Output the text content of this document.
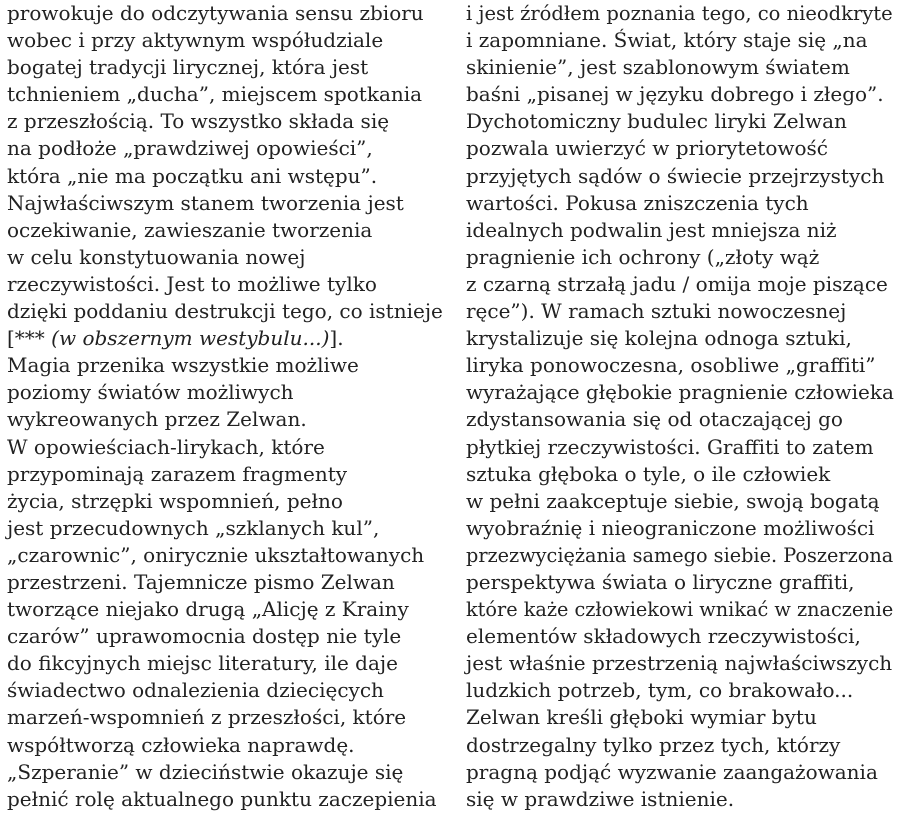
prowokuje do odczytywania sensu zbioru
wobec i przy aktywnym współudziale
bogatej tradycji lirycznej, która jest
tchnieniem „ducha”, miejscem spotkania
z przeszłością. To wszystko składa się
na podłoże „prawdziwej opowieści”,
która „nie ma początku ani wstępu”.
Najwłaściwszym stanem tworzenia jest
oczekiwanie, zawieszanie tworzenia
w celu konstytuowania nowej
rzeczywistości. Jest to możliwe tylko
dzięki poddaniu destrukcji tego, co istnieje
[*** (w obszernym westybulu...)].
Magia przenika wszystkie możliwe
poziomy światów możliwych
wykreowanych przez Zelwan.
W opowieściach-lirykach, które
przypominają zarazem fragmenty
życia, strzępki wspomnień, pełno
jest przecudownych „szklanych kul”,
„czarownic”, onirycznie ukształtowanych
przestrzeni. Tajemnicze pismo Zelwan
tworzące niejako drugą „Alicję z Krainy
czarów” uprawomocnia dostęp nie tyle
do fikcyjnych miejsc literatury, ile daje
świadectwo odnalezienia dziecięcych
marzeń-wspomnień z przeszłości, które
współtworzą człowieka naprawdę.
„Szperanie” w dzieciństwie okazuje się
pełnić rolę aktualnego punktu zaczepienia
i jest źródłem poznania tego, co nieodkryte
i zapomniane. Świat, który staje się „na
skinienie”, jest szablonowym światem
baśni „pisanej w języku dobrego i złego”.
Dychotomiczny budulec liryki Zelwan
pozwala uwierzyć w priorytetowość
przyjętych sądów o świecie przejrzystych
wartości. Pokusa zniszczenia tych
idealnych podwalin jest mniejsza niż
pragnienie ich ochrony („złoty wąż
z czarną strzałą jadu / omija moje piszące
ręce”). W ramach sztuki nowoczesnej
krystalizuje się kolejna odnoga sztuki,
liryka ponowoczesna, osobliwe „graffiti”
wyrażające głębokie pragnienie człowieka
zdystansowania się od otaczającej go
płytkiej rzeczywistości. Graffiti to zatem
sztuka głęboka o tyle, o ile człowiek
w pełni zaakceptuje siebie, swoją bogatą
wyobraźnię i nieograniczone możliwości
przezwyciężania samego siebie. Poszerzona
perspektywa świata o liryczne graffiti,
które każe człowiekowi wnikać w znaczenie
elementów składowych rzeczywistości,
jest właśnie przestrzenią najwłaściwszych
ludzkich potrzeb, tym, co brakowało...
Zelwan kreśli głęboki wymiar bytu
dostrzegalny tylko przez tych, którzy
pragną podjąć wyzwanie zaangażowania
się w prawdziwe istnienie.
